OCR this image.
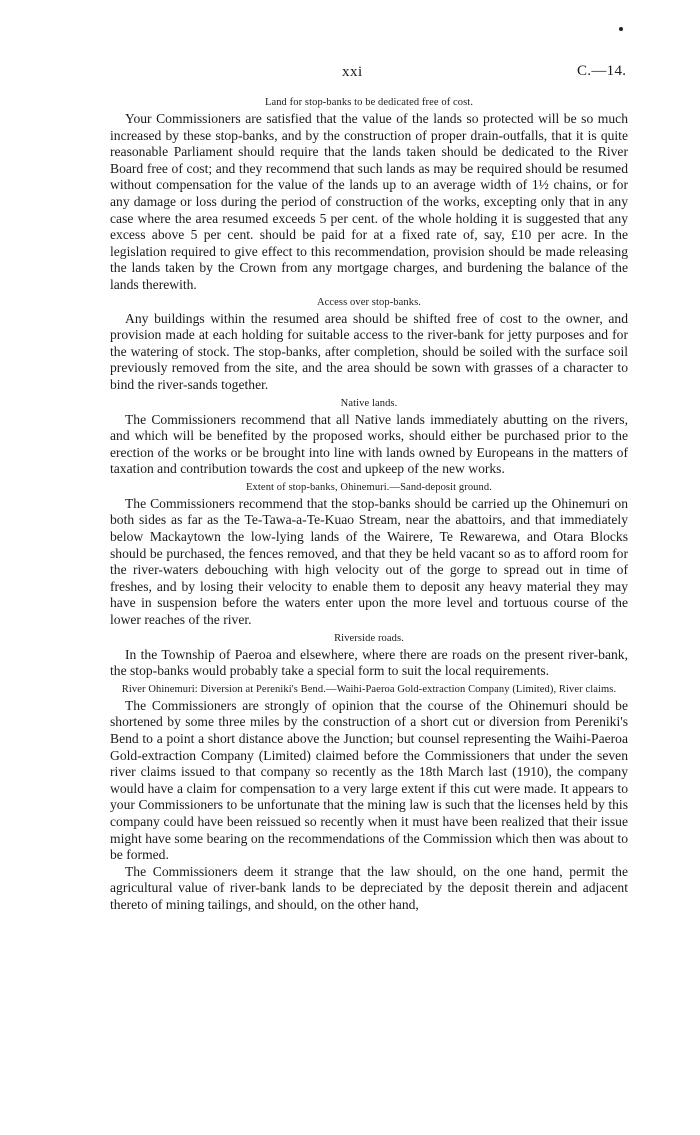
xxi	C.—14.
Land for stop-banks to be dedicated free of cost.

Your Commissioners are satisfied that the value of the lands so protected will be so much increased by these stop-banks, and by the construction of proper drain-outfalls, that it is quite reasonable Parliament should require that the lands taken should be dedicated to the River Board free of cost; and they recommend that such lands as may be required should be resumed without compensation for the value of the lands up to an average width of 1½ chains, or for any damage or loss during the period of construction of the works, excepting only that in any case where the area resumed exceeds 5 per cent. of the whole holding it is suggested that any excess above 5 per cent. should be paid for at a fixed rate of, say, £10 per acre. In the legislation required to give effect to this recommendation, provision should be made releasing the lands taken by the Crown from any mortgage charges, and burdening the balance of the lands therewith.

Access over stop-banks.

Any buildings within the resumed area should be shifted free of cost to the owner, and provision made at each holding for suitable access to the river-bank for jetty purposes and for the watering of stock. The stop-banks, after completion, should be soiled with the surface soil previously removed from the site, and the area should be sown with grasses of a character to bind the river-sands together.

Native lands.

The Commissioners recommend that all Native lands immediately abutting on the rivers, and which will be benefited by the proposed works, should either be purchased prior to the erection of the works or be brought into line with lands owned by Europeans in the matters of taxation and contribution towards the cost and upkeep of the new works.

Extent of stop-banks, Ohinemuri.—Sand-deposit ground.

The Commissioners recommend that the stop-banks should be carried up the Ohinemuri on both sides as far as the Te-Tawa-a-Te-Kuao Stream, near the abattoirs, and that immediately below Mackaytown the low-lying lands of the Wairere, Te Rewarewa, and Otara Blocks should be purchased, the fences removed, and that they be held vacant so as to afford room for the river-waters debouching with high velocity out of the gorge to spread out in time of freshes, and by losing their velocity to enable them to deposit any heavy material they may have in suspension before the waters enter upon the more level and tortuous course of the lower reaches of the river.

Riverside roads.

In the Township of Paeroa and elsewhere, where there are roads on the present river-bank, the stop-banks would probably take a special form to suit the local requirements.

River Ohinemuri: Diversion at Pereniki's Bend.—Waihi-Paeroa Gold-extraction Company (Limited), River claims.

The Commissioners are strongly of opinion that the course of the Ohinemuri should be shortened by some three miles by the construction of a short cut or diversion from Pereniki's Bend to a point a short distance above the Junction; but counsel representing the Waihi-Paeroa Gold-extraction Company (Limited) claimed before the Commissioners that under the seven river claims issued to that company so recently as the 18th March last (1910), the company would have a claim for compensation to a very large extent if this cut were made. It appears to your Commissioners to be unfortunate that the mining law is such that the licenses held by this company could have been reissued so recently when it must have been realized that their issue might have some bearing on the recommendations of the Commission which then was about to be formed.

The Commissioners deem it strange that the law should, on the one hand, permit the agricultural value of river-bank lands to be depreciated by the deposit therein and adjacent thereto of mining tailings, and should, on the other hand,
